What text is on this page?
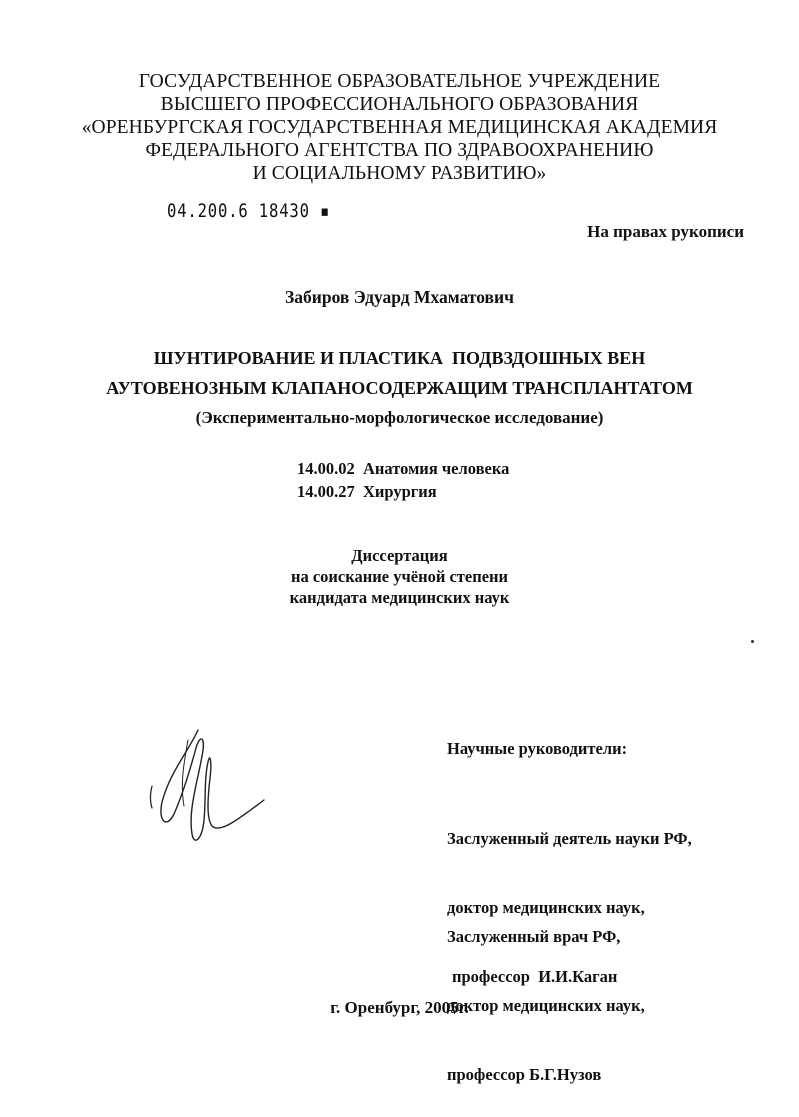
ГОСУДАРСТВЕННОЕ ОБРАЗОВАТЕЛЬНОЕ УЧРЕЖДЕНИЕ
ВЫСШЕГО ПРОФЕССИОНАЛЬНОГО ОБРАЗОВАНИЯ
«ОРЕНБУРГСКАЯ ГОСУДАРСТВЕННАЯ МЕДИЦИНСКАЯ АКАДЕМИЯ
ФЕДЕРАЛЬНОГО АГЕНТСТВА ПО ЗДРАВООХРАНЕНИЮ
И СОЦИАЛЬНОМУ РАЗВИТИЮ»
04.200.6 18430 ▪
На правах рукописи
Забиров Эдуард Мхаматович
ШУНТИРОВАНИЕ И ПЛАСТИКА  ПОДВЗДОШНЫХ ВЕН
АУТОВЕНОЗНЫМ КЛАПАНОСОДЕРЖАЩИМ ТРАНСПЛАНТАТОМ
(Экспериментально-морфологическое исследование)
14.00.02 Анатомия человека
14.00.27 Хирургия
Диссертация
на соискание учёной степени
кандидата медицинских наук
Научные руководители:

Заслуженный деятель науки РФ,

доктор медицинских наук,

профессор  И.И.Каган

Заслуженный врач РФ,

доктор медицинских наук,

профессор Б.Г.Нузов

г. Оренбург, 2005г.
